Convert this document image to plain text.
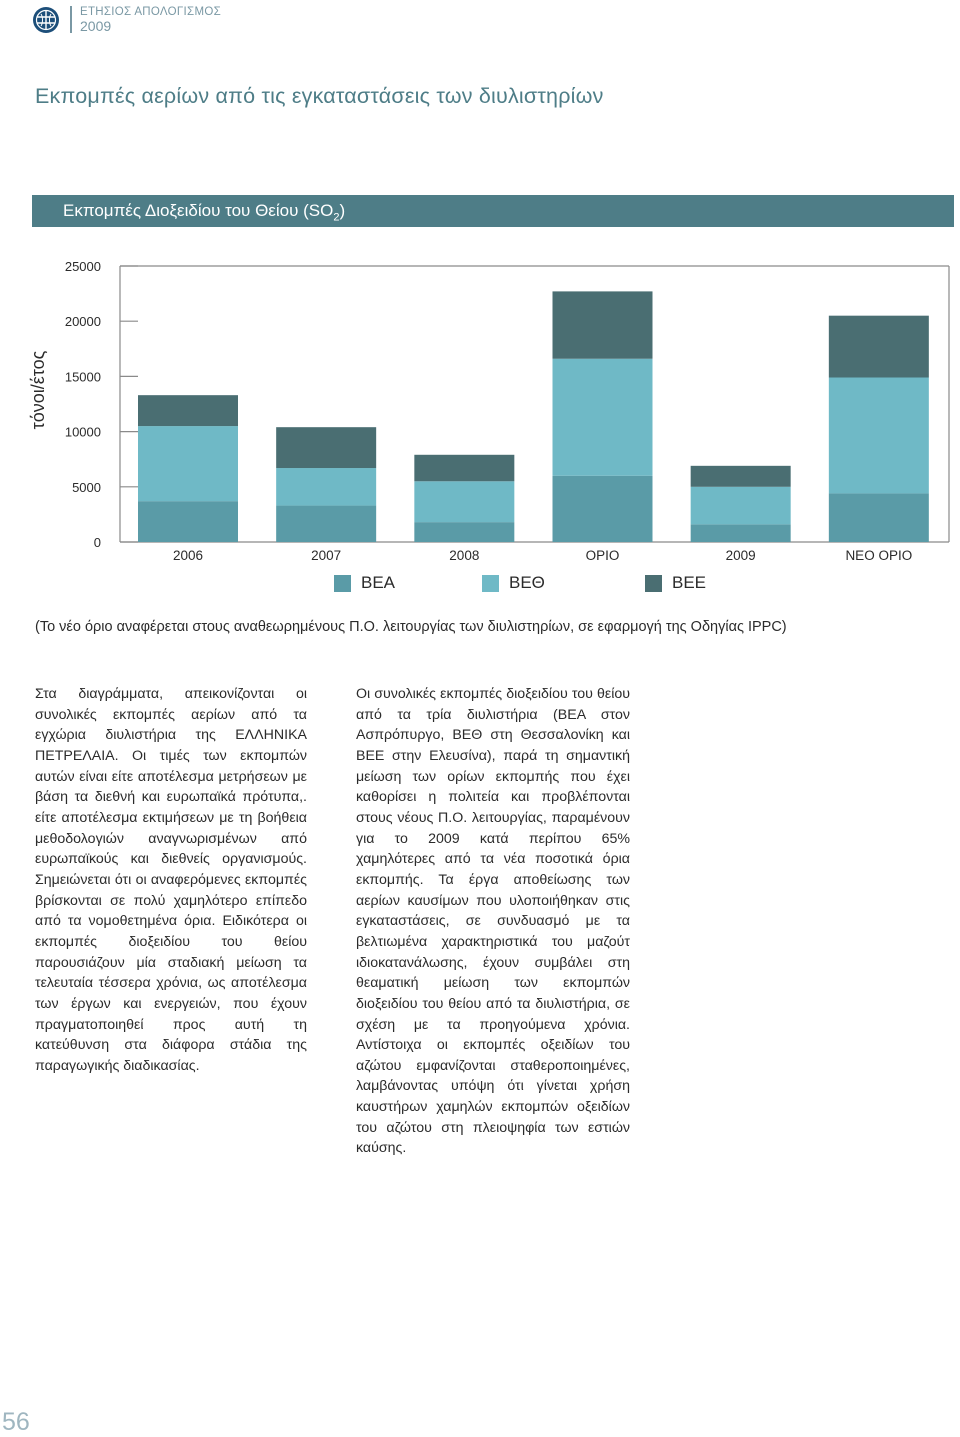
ΕΤΗΣΙΟΣ ΑΠΟΛΟΓΙΣΜΟΣ
2009
Εκπομπές αερίων από τις εγκαταστάσεις των διυλιστηρίων
Εκπομπές Διοξειδίου του Θείου $(SO_2)$
0
5000
10000
15000
20000
25000
τόνοι/έτος
2006	2007	2008	ΟΡΙΟ	2009	ΝΕΟ ΟΡΙΟ
ΒΕΑ	ΒΕΘ	ΒΕΕ
(Το νέο όριο αναφέρεται στους αναθεωρημένους Π.Ο. λειτουργίας των διυλιστηρίων, σε εφαρμογή της Οδηγίας IPPC)
Στα διαγράμματα, απεικονίζονται οι συνολικές εκπομπές αερίων από τα εγχώρια διυλιστήρια της ΕΛΛΗΝΙΚΑ ΠΕΤΡΕΛΑΙΑ. Οι τιμές των εκπομπών αυτών είναι είτε αποτέλεσμα μετρήσεων με βάση τα διεθνή και ευρωπαϊκά πρότυπα,. είτε αποτέλεσμα εκτιμήσεων με τη βοήθεια μεθοδολογιών αναγνωρισμένων από ευρωπαϊκούς και διεθνείς οργανισμούς. Σημειώνεται ότι οι αναφερόμενες εκπομπές βρίσκονται σε πολύ χαμηλότερο επίπεδο από τα νομοθετημένα όρια. Ειδικότερα οι εκπομπές διοξειδίου του θείου παρουσιάζουν μία σταδιακή μείωση τα τελευταία τέσσερα χρόνια, ως αποτέλεσμα των έργων και ενεργειών, που έχουν πραγματοποιηθεί προς αυτή τη κατεύθυνση στα διάφορα στάδια της παραγωγικής διαδικασίας.
Οι συνολικές εκπομπές διοξειδίου του θείου από τα τρία διυλιστήρια (ΒΕΑ στον Ασπρόπυργο, ΒΕΘ στη Θεσσαλονίκη και ΒΕΕ στην Ελευσίνα), παρά τη σημαντική μείωση των ορίων εκπομπής που έχει καθορίσει η πολιτεία και προβλέπονται στους νέους Π.Ο. λειτουργίας, παραμένουν για το 2009 κατά περίπου 65% χαμηλότερες από τα νέα ποσοτικά όρια εκπομπής. Τα έργα αποθείωσης των αερίων καυσίμων που υλοποιήθηκαν στις εγκαταστάσεις, σε συνδυασμό με τα βελτιωμένα χαρακτηριστικά του μαζούτ ιδιοκατανάλωσης, έχουν συμβάλει στη θεαματική μείωση των εκπομπών διοξειδίου του θείου από τα διυλιστήρια, σε σχέση με τα προηγούμενα χρόνια. Αντίστοιχα οι εκπομπές οξειδίων του αζώτου εμφανίζονται σταθεροποιημένες, λαμβάνοντας υπόψη ότι γίνεται χρήση καυστήρων χαμηλών εκπομπών οξειδίων του αζώτου στη πλειοψηφία των εστιών καύσης.
56
